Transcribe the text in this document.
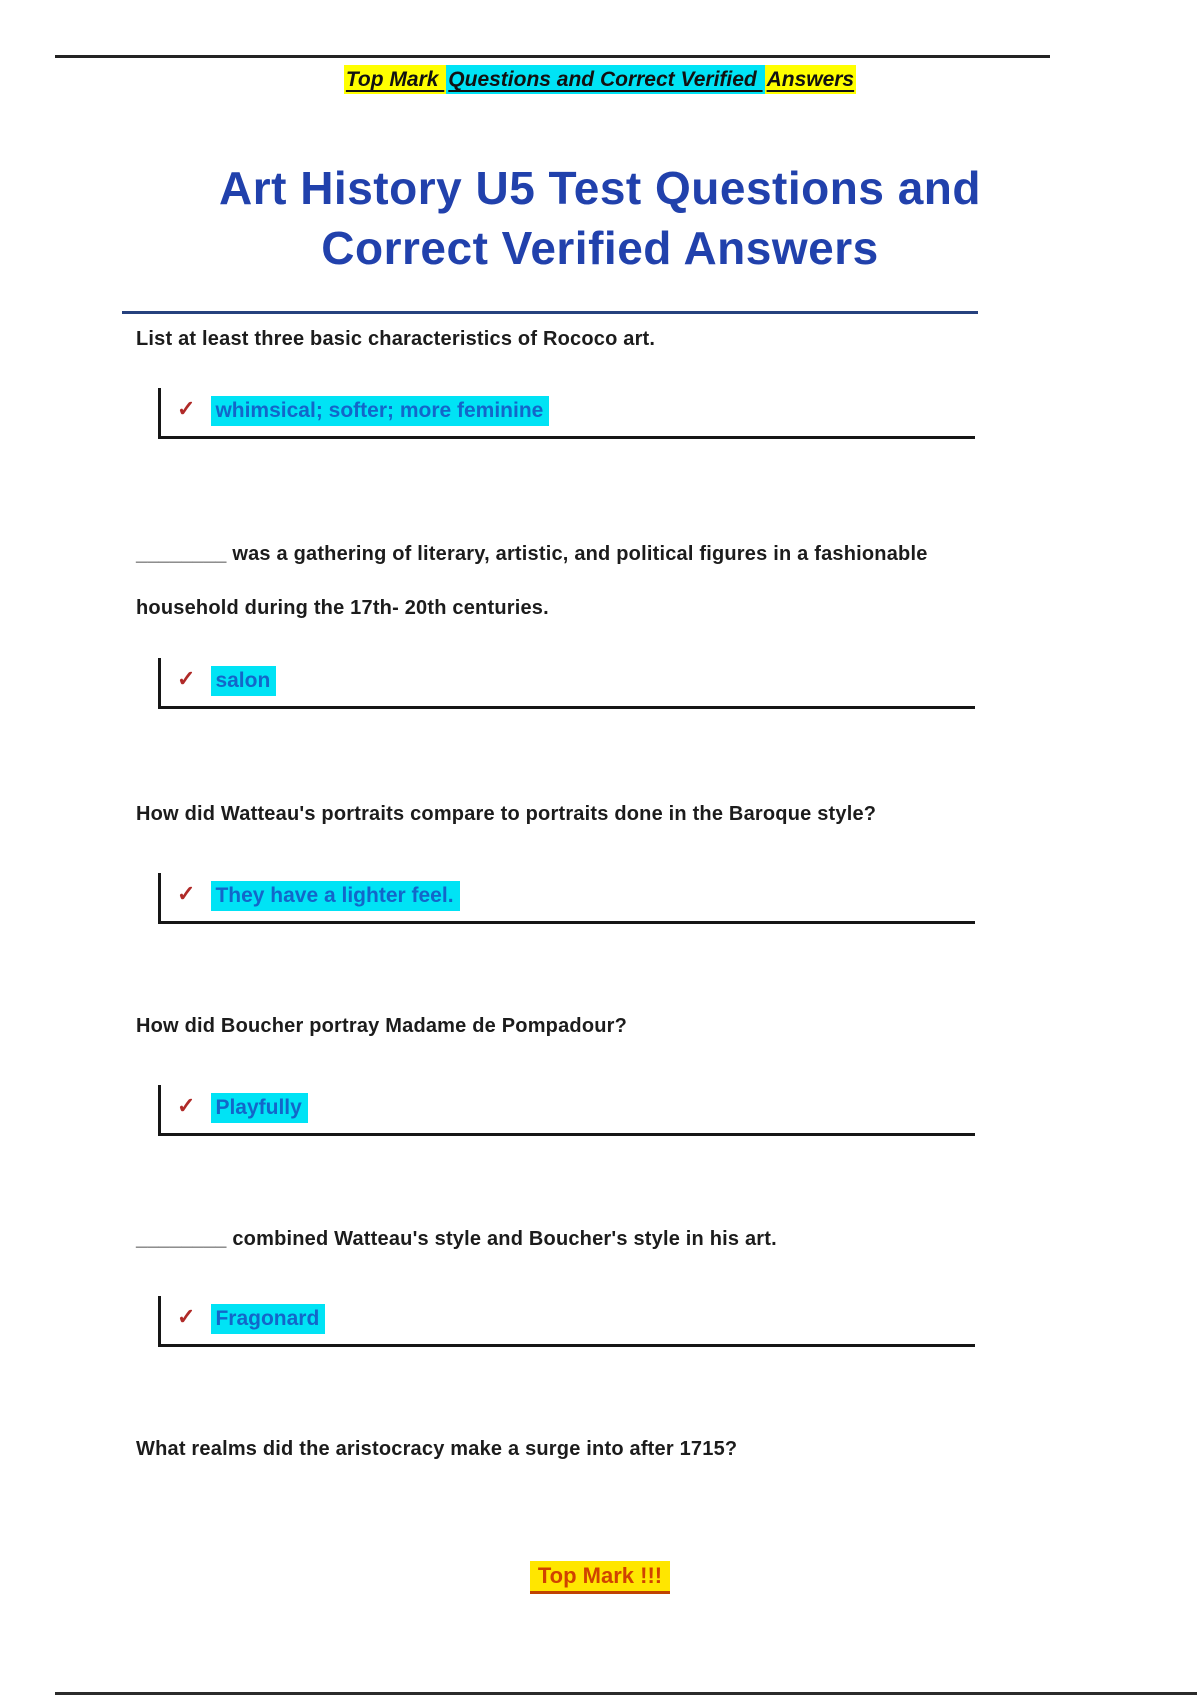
Top Mark Questions and Correct Verified Answers
Art History U5 Test Questions and
Correct Verified Answers

List at least three basic characteristics of Rococo art.

✓ whimsical; softer; more feminine

________ was a gathering of literary, artistic, and political figures in a fashionable

household during the 17th- 20th centuries.

✓ salon

How did Watteau's portraits compare to portraits done in the Baroque style?

✓ They have a lighter feel.

How did Boucher portray Madame de Pompadour?

✓ Playfully

________ combined Watteau's style and Boucher's style in his art.

✓ Fragonard

What realms did the aristocracy make a surge into after 1715?

Top Mark !!!
